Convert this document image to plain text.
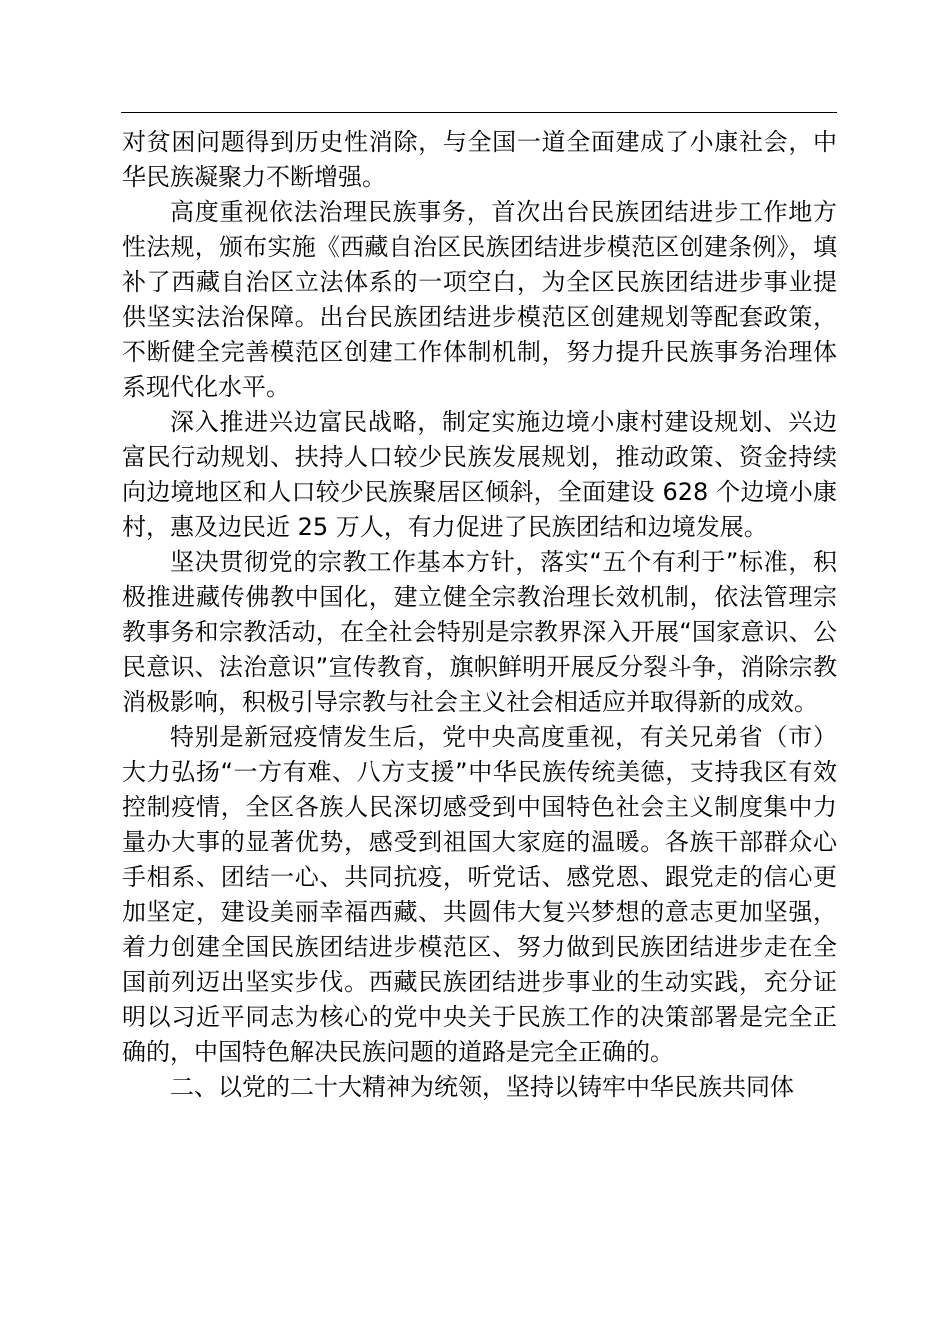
对贫困问题得到历史性消除，与全国一道全面建成了小康社会，中华民族凝聚力不断增强。

高度重视依法治理民族事务，首次出台民族团结进步工作地方性法规，颁布实施《西藏自治区民族团结进步模范区创建条例》，填补了西藏自治区立法体系的一项空白，为全区民族团结进步事业提供坚实法治保障。出台民族团结进步模范区创建规划等配套政策，不断健全完善模范区创建工作体制机制，努力提升民族事务治理体系现代化水平。

深入推进兴边富民战略，制定实施边境小康村建设规划、兴边富民行动规划、扶持人口较少民族发展规划，推动政策、资金持续向边境地区和人口较少民族聚居区倾斜，全面建设 628 个边境小康村，惠及边民近 25 万人，有力促进了民族团结和边境发展。

坚决贯彻党的宗教工作基本方针，落实“五个有利于”标准，积极推进藏传佛教中国化，建立健全宗教治理长效机制，依法管理宗教事务和宗教活动，在全社会特别是宗教界深入开展“国家意识、公民意识、法治意识”宣传教育，旗帜鲜明开展反分裂斗争，消除宗教消极影响，积极引导宗教与社会主义社会相适应并取得新的成效。

特别是新冠疫情发生后，党中央高度重视，有关兄弟省（市）大力弘扬“一方有难、八方支援”中华民族传统美德，支持我区有效控制疫情，全区各族人民深切感受到中国特色社会主义制度集中力量办大事的显著优势，感受到祖国大家庭的温暖。各族干部群众心手相系、团结一心、共同抗疫，听党话、感党恩、跟党走的信心更加坚定，建设美丽幸福西藏、共圆伟大复兴梦想的意志更加坚强，着力创建全国民族团结进步模范区、努力做到民族团结进步走在全国前列迈出坚实步伐。西藏民族团结进步事业的生动实践，充分证明以习近平同志为核心的党中央关于民族工作的决策部署是完全正确的，中国特色解决民族问题的道路是完全正确的。

二、以党的二十大精神为统领，坚持以铸牢中华民族共同体
